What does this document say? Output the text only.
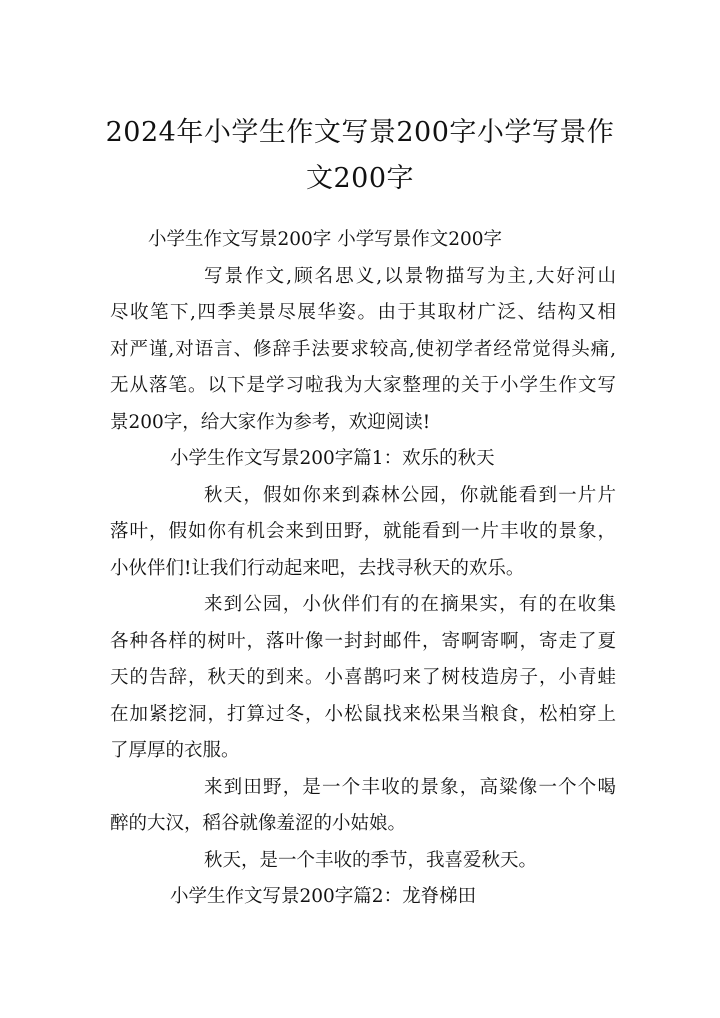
2024年小学生作文写景200字小学写景作
文200字
小学生作文写景200字 小学写景作文200字
写景作文,顾名思义,以景物描写为主,大好河山
尽收笔下,四季美景尽展华姿。由于其取材广泛、结构又相
对严谨,对语言、修辞手法要求较高,使初学者经常觉得头痛,
无从落笔。以下是学习啦我为大家整理的关于小学生作文写
景200字，给大家作为参考，欢迎阅读!
小学生作文写景200字篇1：欢乐的秋天
秋天，假如你来到森林公园，你就能看到一片片
落叶，假如你有机会来到田野，就能看到一片丰收的景象，
小伙伴们!让我们行动起来吧，去找寻秋天的欢乐。
来到公园，小伙伴们有的在摘果实，有的在收集
各种各样的树叶，落叶像一封封邮件，寄啊寄啊，寄走了夏
天的告辞，秋天的到来。小喜鹊叼来了树枝造房子，小青蛙
在加紧挖洞，打算过冬，小松鼠找来松果当粮食，松柏穿上
了厚厚的衣服。
来到田野，是一个丰收的景象，高粱像一个个喝
醉的大汉，稻谷就像羞涩的小姑娘。
秋天，是一个丰收的季节，我喜爱秋天。
小学生作文写景200字篇2：龙脊梯田
